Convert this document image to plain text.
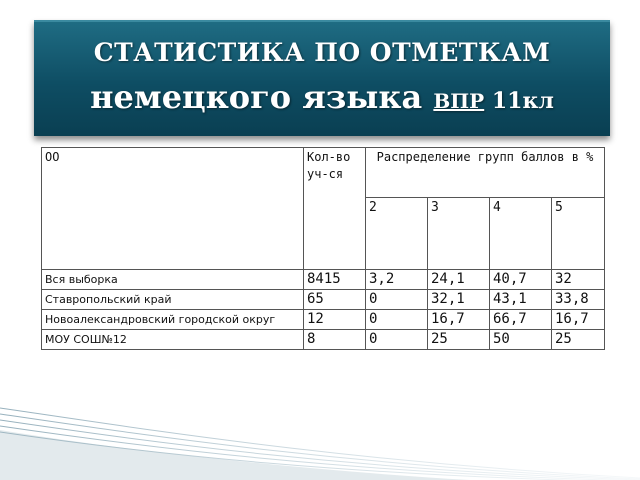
СТАТИСТИКА ПО ОТМЕТКАМ
немецкого языка ВПР 11кл
ОО	Кол-во уч-ся	Распределение групп баллов в %			
		2	3	4	5
Вся выборка	8415	3,2	24,1	40,7	32
Ставропольский край	65	0	32,1	43,1	33,8
Новоалександровский городской округ	12	0	16,7	66,7	16,7
МОУ СОШ№12	8	0	25	50	25
